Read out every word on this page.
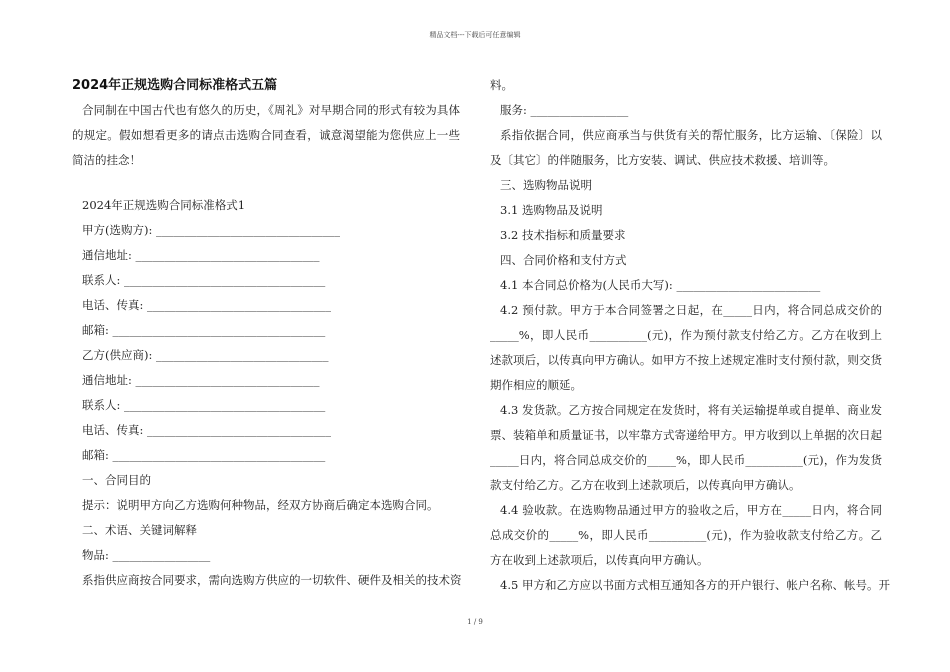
精品文档---下载后可任意编辑
2024年正规选购合同标准格式五篇
合同制在中国古代也有悠久的历史，《周礼》对早期合同的形式有较为具体的规定。假如想看更多的请点击选购合同查看，诚意渴望能为您供应上一些简洁的挂念！
2024年正规选购合同标准格式1
甲方(选购方): ________________________________
通信地址: ________________________________
联系人: ___________________________________
电话、传真: ________________________________
邮箱: _____________________________________
乙方(供应商): ______________________________
通信地址: ________________________________
联系人: ___________________________________
电话、传真: ________________________________
邮箱: _____________________________________
一、合同目的
提示：说明甲方向乙方选购何种物品，经双方协商后确定本选购合同。
二、术语、关键词解释
物品: _________________
系指供应商按合同要求，需向选购方供应的一切软件、硬件及相关的技术资
料。
服务: _________________
系指依据合同，供应商承当与供货有关的帮忙服务，比方运输、〔保险〕以及〔其它〕的伴随服务，比方安装、调试、供应技术救援、培训等。
三、选购物品说明
3.1 选购物品及说明
3.2 技术指标和质量要求
四、合同价格和支付方式
4.1 本合同总价格为(人民币大写): _________________________
4.2 预付款。甲方于本合同签署之日起，在_____日内，将合同总成交价的_____%，即人民币__________(元)，作为预付款支付给乙方。乙方在收到上述款项后，以传真向甲方确认。如甲方不按上述规定准时支付预付款，则交货期作相应的顺延。
4.3 发货款。乙方按合同规定在发货时，将有关运输提单或自提单、商业发票、装箱单和质量证书，以牢靠方式寄递给甲方。甲方收到以上单据的次日起_____日内，将合同总成交价的_____%，即人民币__________(元)，作为发货款支付给乙方。乙方在收到上述款项后，以传真向甲方确认。
4.4 验收款。在选购物品通过甲方的验收之后，甲方在_____日内，将合同总成交价的_____%，即人民币__________(元)，作为验收款支付给乙方。乙方在收到上述款项后，以传真向甲方确认。
4.5 甲方和乙方应以书面方式相互通知各方的开户银行、帐户名称、帐号。开
1 / 9
